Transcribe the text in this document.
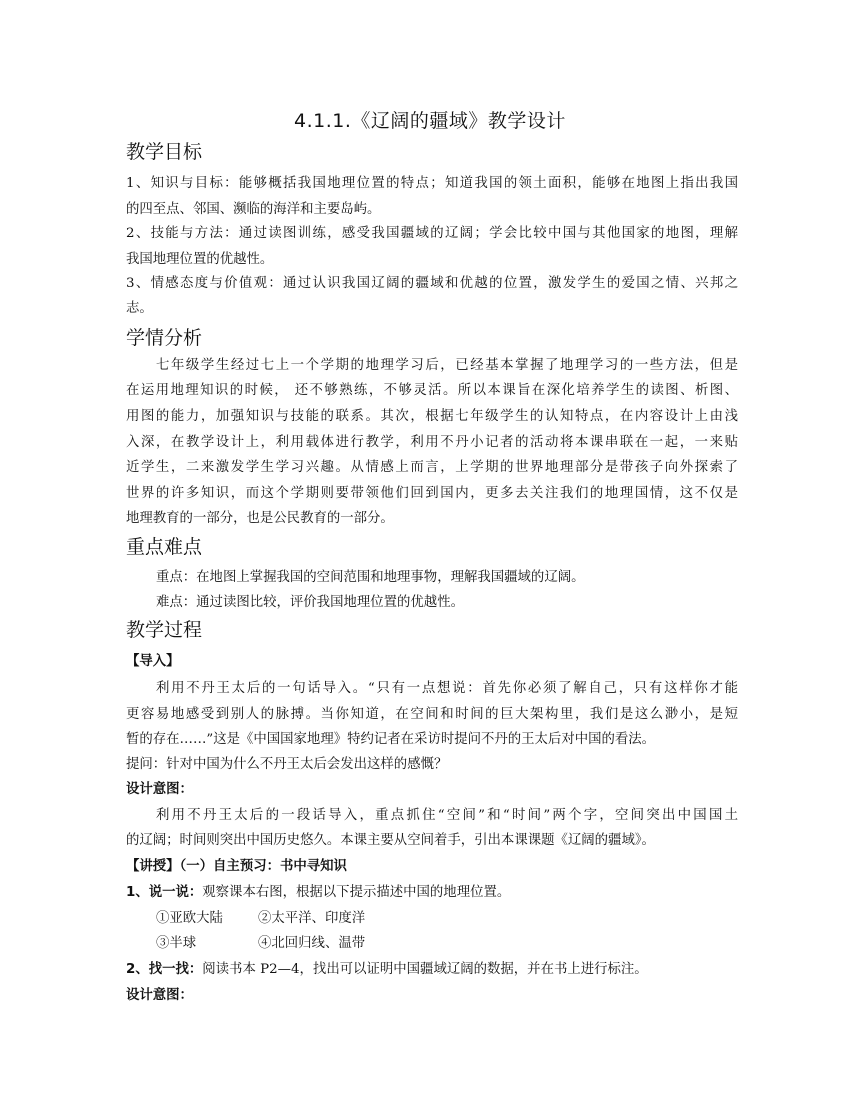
4.1.1.《辽阔的疆域》教学设计
教学目标
1、知识与目标：能够概括我国地理位置的特点；知道我国的领土面积，能够在地图上指出我国
的四至点、邻国、濒临的海洋和主要岛屿。
2、技能与方法：通过读图训练，感受我国疆域的辽阔；学会比较中国与其他国家的地图，理解
我国地理位置的优越性。
3、情感态度与价值观：通过认识我国辽阔的疆域和优越的位置，激发学生的爱国之情、兴邦之
志。
学情分析
七年级学生经过七上一个学期的地理学习后，已经基本掌握了地理学习的一些方法，但是
在运用地理知识的时候， 还不够熟练，不够灵活。所以本课旨在深化培养学生的读图、析图、
用图的能力，加强知识与技能的联系。其次，根据七年级学生的认知特点，在内容设计上由浅
入深，在教学设计上，利用载体进行教学，利用不丹小记者的活动将本课串联在一起，一来贴
近学生，二来激发学生学习兴趣。从情感上而言，上学期的世界地理部分是带孩子向外探索了
世界的许多知识，而这个学期则要带领他们回到国内，更多去关注我们的地理国情，这不仅是
地理教育的一部分，也是公民教育的一部分。
重点难点
重点：在地图上掌握我国的空间范围和地理事物，理解我国疆域的辽阔。
难点：通过读图比较，评价我国地理位置的优越性。
教学过程
【导入】
利用不丹王太后的一句话导入。“只有一点想说：首先你必须了解自己，只有这样你才能
更容易地感受到别人的脉搏。当你知道，在空间和时间的巨大架构里，我们是这么渺小，是短
暂的存在……”这是《中国国家地理》特约记者在采访时提问不丹的王太后对中国的看法。
提问：针对中国为什么不丹王太后会发出这样的感慨？
设计意图：
利用不丹王太后的一段话导入，重点抓住“空间”和“时间”两个字，空间突出中国国土
的辽阔；时间则突出中国历史悠久。本课主要从空间着手，引出本课课题《辽阔的疆域》。
【讲授】（一）自主预习：书中寻知识
1、说一说：观察课本右图，根据以下提示描述中国的地理位置。
①亚欧大陆	②太平洋、印度洋
③半球	④北回归线、温带
2、找一找：阅读书本 P2—4，找出可以证明中国疆域辽阔的数据，并在书上进行标注。
设计意图：
